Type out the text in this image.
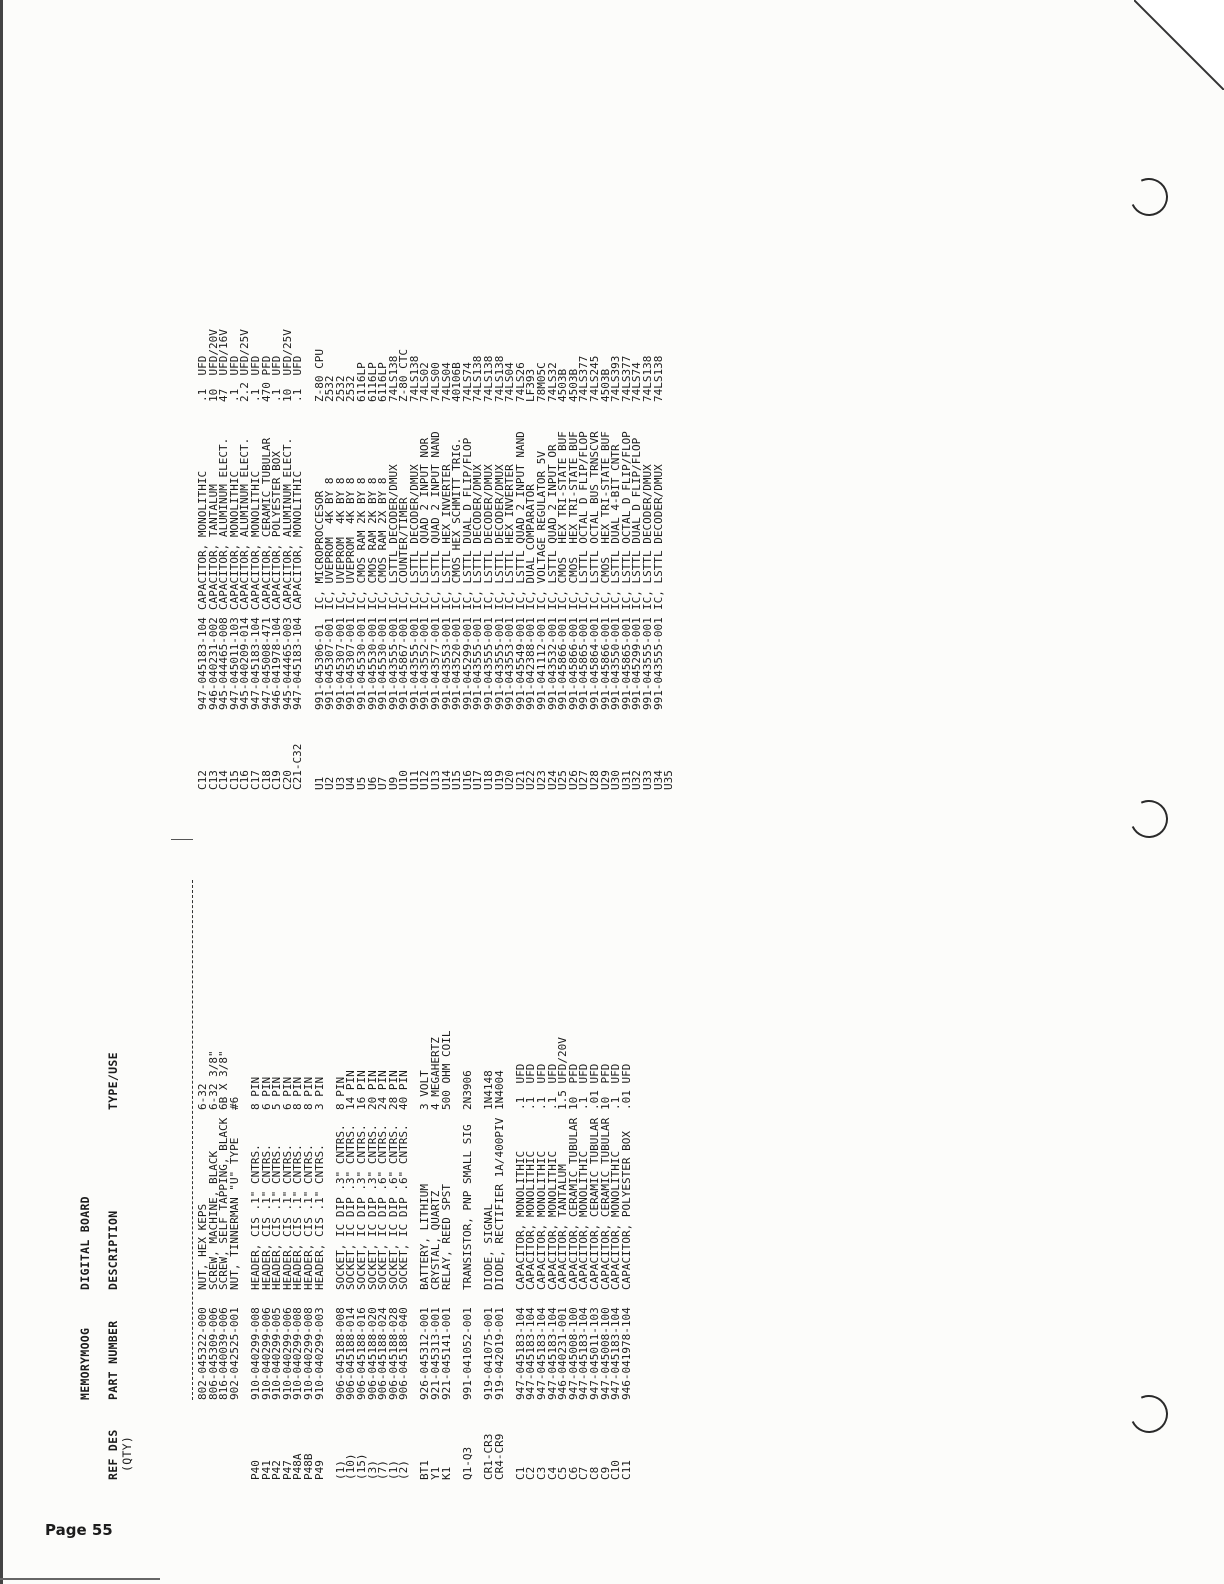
REF DES (QTY)
PART NUMBER
MEMORYMOOG
DESCRIPTION
DIGITAL BOARD
TYPE/USE
P40
P41
P42
P47
P48A
P48B
P49 (1)
(10)
(15)
(3)
(7)
(1)
(2) BT1
Y1
K1 Q1-Q3 CR1-CR3
CR4-CR9 C1
C2
C3
C4
C5
C6
C7
C8
C9
C10
C11
802-045322-000
806-045309-006
816-040039-006
902-042525-001 910-040299-008
910-040299-006
910-040299-005
910-040299-006
910-040299-008
910-040299-008
910-040299-003 906-045188-008
906-045188-014
906-045188-016
906-045188-020
906-045188-024
906-045188-028
906-045188-040 926-045312-001
921-045313-001
921-045141-001 991-041052-001 919-041075-001
919-042019-001 947-045183-104
947-045183-104
947-045183-104
947-045183-104
946-040231-001
947-045008-100
947-045183-104
947-045011-103
947-045008-100
947-045183-104
946-041978-104
NUT, HEX KEPS
SCREW, MACHINE, BLACK
SCREW, SELF TAPPING, BLACK
NUT, TINNERMAN "U" TYPE HEADER, CIS .1" CNTRS.
HEADER, CIS .1" CNTRS.
HEADER, CIS .1" CNTRS.
HEADER, CIS .1" CNTRS.
HEADER, CIS .1" CNTRS.
HEADER, CIS .1" CNTRS.
HEADER, CIS .1" CNTRS. SOCKET, IC DIP .3" CNTRS.
SOCKET, IC DIP .3" CNTRS.
SOCKET, IC DIP .3" CNTRS.
SOCKET, IC DIP .3" CNTRS.
SOCKET, IC DIP .6" CNTRS.
SOCKET, IC DIP .6" CNTRS.
SOCKET, IC DIP .6" CNTRS. BATTERY, LITHIUM
CRYSTAL, QUARTZ
RELAY, REED SPST TRANSISTOR, PNP SMALL SIG DIODE, SIGNAL
DIODE, RECTIFIER 1A/400PIV CAPACITOR, MONOLITHIC
CAPACITOR, MONOLITHIC
CAPACITOR, MONOLITHIC
CAPACITOR, MONOLITHIC
CAPACITOR, TANTALUM
CAPACITOR, CERAMIC TUBULAR
CAPACITOR, MONOLITHIC
CAPACITOR, CERAMIC TUBULAR
CAPACITOR, CERAMIC TUBULAR
CAPACITOR, MONOLITHIC
CAPACITOR, POLYESTER BOX
6-32
6-32 3/8"
6B X 3/8"
#6 8 PIN
6 PIN
5 PIN
6 PIN
8 PIN
8 PIN
3 PIN 8 PIN
14 PIN
16 PIN
20 PIN
24 PIN
28 PIN
40 PIN 3 VOLT
4 MEGAHERTZ
500 OHM COIL 2N3906 1N4148
1N4004 .1  UFD
.1  UFD
.1  UFD
.1  UFD
1.5 UFD/20V
10  PFD
.1  UFD
.01 UFD
10  PFD
.1  UFD
.01 UFD
C12
C13
C14
C15
C16
C17
C18
C19
C20
C21-C32 U1
U2
U3
U4
U5
U6
U7
U9
U10
U11
U12
U13
U14
U15
U16
U17
U18
U19
U20
U21
U22
U23
U24
U25
U26
U27
U28
U29
U30
U31
U32
U33
U34
U35
947-045183-104
946-040231-002
945-044465-008
947-045011-103
945-040209-014
947-045183-104
947-045008-471
946-041978-104
945-044465-003
947-045183-104 991-045306-01
991-045307-001
991-045307-001
991-045307-001
991-045530-001
991-045530-001
991-045530-001
991-043555-001
991-045867-001
991-043555-001
991-043552-001
991-043577-001
991-043553-001
991-043520-001
991-045299-001
991-043555-001
991-043555-001
991-043555-001
991-043553-001
991-045549-001
991-042388-001
991-041112-001
991-043532-001
991-045866-001
991-045866-001
991-045865-001
991-045864-001
991-045866-001
991-043550-001
991-045865-001
991-045299-001
991-043555-001
991-043555-001
CAPACITOR, MONOLITHIC
CAPACITOR, TANTALUM
CAPACITOR, ALUMINUM ELECT.
CAPACITOR, MONOLITHIC
CAPACITOR, ALUMINUM ELECT.
CAPACITOR, MONOLITHIC
CAPACITOR, CERAMIC TUBULAR
CAPACITOR, POLYESTER BOX
CAPACITOR, ALUMINUM ELECT.
CAPACITOR, MONOLITHIC IC, MICROPROCCESOR
IC, UVEPROM  4K BY 8
IC, UVEPROM  4K BY 8
IC, UVEPROM  4K BY 8
IC, CMOS RAM 2K BY 8
IC, CMOS RAM 2K BY 8
IC, CMOS RAM 2X BY 8
IC, LSTTL DECODER/DMUX
IC, COUNTER/TIMER
IC, LSTTL DECODER/DMUX
IC, LSTTL QUAD 2 INPUT NOR
IC, LSTTL QUAD 2 INPUT NAND
IC, LSTTL HEX INVERTER
IC, CMOS HEX SCHMITT TRIG.
IC, LSTTL DUAL D FLIP/FLOP
IC, LSTTL DECODER/DMUX
IC, LSTTL DECODER/DMUX
IC, LSTTL DECODER/DMUX
IC, LSTTL HEX INVERTER
IC, LSTTL QUAD 2 INPUT NAND
IC, DUAL COMPARATOR
IC, VOLTAGE REGULATOR 5V
IC, LSTTL QUAD 2 INPUT OR
IC, CMOS  HEX TRI-STATE BUF
IC, CMOS  HEX TRI-STATE BUF
IC, LSTTL OCTAL D FLIP/FLOP
IC, LSTTL OCTAL BUS TRNSCVR
IC, CMOS  HEX TRI-STATE BUF
IC, LSTTL DUAL 4-BIT CNTR
IC, LSTTL OCTAL D FLIP/FLOP
IC, LSTTL DUAL D FLIP/FLOP
IC, LSTTL DECODER/DMUX
IC, LSTTL DECODER/DMUX
.1  UFD
10  UFD/20V
47  UFD/16V
.1  UFD
2.2 UFD/25V
.1  UFD
470 PFD
.1  UFD
10  UFD/25V
.1  UFD Z-80 CPU
2532
2532
2532
6116LP
6116LP
6116LP
74LS138
Z-80 CTC
74LS138
74LS02
74LS00
74LS04
40106B
74LS74
74LS138
74LS138
74LS138
74LS04
74LS26
LF393
78M05C
74LS32
4503B
4503B
74LS377
74LS245
4503B
74LS393
74LS377
74LS74
74LS138
74LS138
Page 55
